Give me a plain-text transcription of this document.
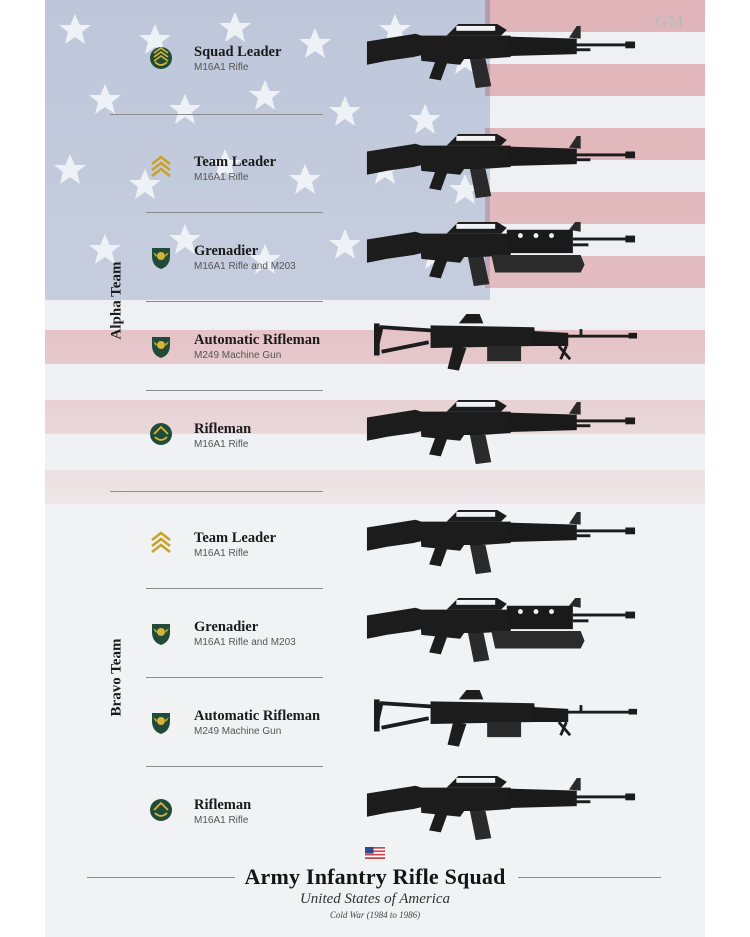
GM
Alpha Team
Bravo Team
Squad Leader
M16A1 Rifle
Team Leader
M16A1 Rifle
Grenadier
M16A1 Rifle and M203
Automatic Rifleman
M249 Machine Gun
Rifleman
M16A1 Rifle
Team Leader
M16A1 Rifle
Grenadier
M16A1 Rifle and M203
Automatic Rifleman
M249 Machine Gun
Rifleman
M16A1 Rifle
Army Infantry Rifle Squad
United States of America
Cold War (1984 to 1986)
